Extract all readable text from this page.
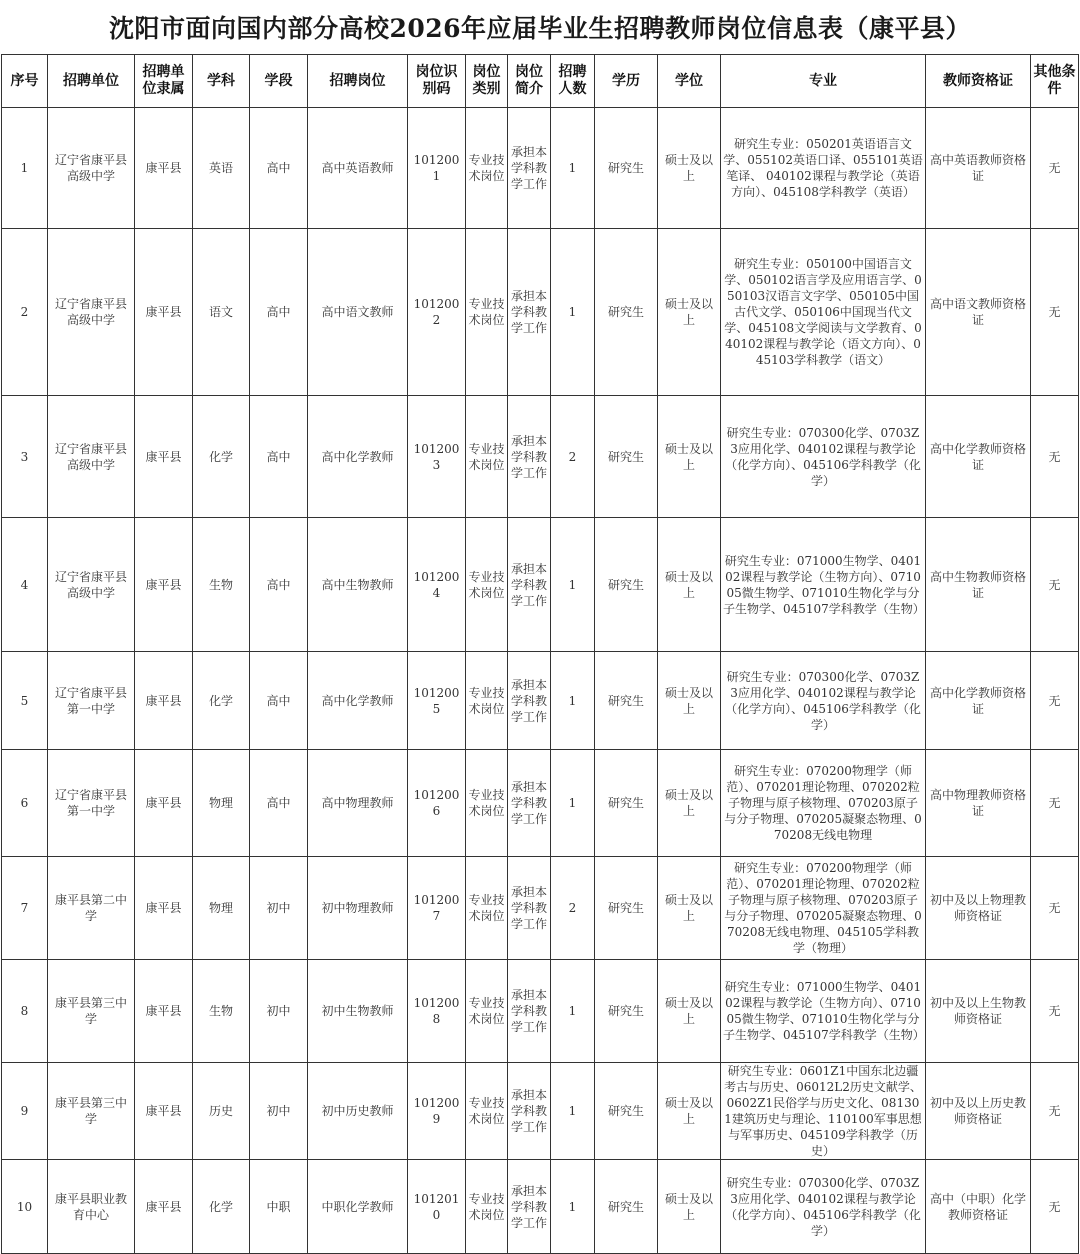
沈阳市面向国内部分高校2026年应届毕业生招聘教师岗位信息表（康平县）
序号	招聘单位	招聘单位隶属	学科	学段	招聘岗位	岗位识别码	岗位类别	岗位简介	招聘人数	学历	学位	专业	教师资格证	其他条件
1	辽宁省康平县高级中学	康平县	英语	高中	高中英语教师	1012001	专业技术岗位	承担本学科教学工作	1	研究生	硕士及以上	研究生专业：050201英语语言文学、055102英语口译、055101英语笔译、 040102课程与教学论（英语方向）、045108学科教学（英语）	高中英语教师资格证	无
2	辽宁省康平县高级中学	康平县	语文	高中	高中语文教师	1012002	专业技术岗位	承担本学科教学工作	1	研究生	硕士及以上	研究生专业：050100中国语言文学、050102语言学及应用语言学、050103汉语言文字学、050105中国古代文学、050106中国现当代文学、045108文学阅读与文学教育、040102课程与教学论（语文方向）、045103学科教学（语文）	高中语文教师资格证	无
3	辽宁省康平县高级中学	康平县	化学	高中	高中化学教师	1012003	专业技术岗位	承担本学科教学工作	2	研究生	硕士及以上	研究生专业：070300化学、0703Z3应用化学、040102课程与教学论（化学方向）、045106学科教学（化学）	高中化学教师资格证	无
4	辽宁省康平县高级中学	康平县	生物	高中	高中生物教师	1012004	专业技术岗位	承担本学科教学工作	1	研究生	硕士及以上	研究生专业：071000生物学、040102课程与教学论（生物方向）、071005微生物学、071010生物化学与分子生物学、045107学科教学（生物）	高中生物教师资格证	无
5	辽宁省康平县第一中学	康平县	化学	高中	高中化学教师	1012005	专业技术岗位	承担本学科教学工作	1	研究生	硕士及以上	研究生专业：070300化学、0703Z3应用化学、040102课程与教学论（化学方向）、045106学科教学（化学）	高中化学教师资格证	无
6	辽宁省康平县第一中学	康平县	物理	高中	高中物理教师	1012006	专业技术岗位	承担本学科教学工作	1	研究生	硕士及以上	研究生专业：070200物理学（师范）、070201理论物理、070202粒子物理与原子核物理、070203原子与分子物理、070205凝聚态物理、070208无线电物理	高中物理教师资格证	无
7	康平县第二中学	康平县	物理	初中	初中物理教师	1012007	专业技术岗位	承担本学科教学工作	2	研究生	硕士及以上	研究生专业：070200物理学（师范）、070201理论物理、070202粒子物理与原子核物理、070203原子与分子物理、070205凝聚态物理、070208无线电物理、045105学科教学（物理）	初中及以上物理教师资格证	无
8	康平县第三中学	康平县	生物	初中	初中生物教师	1012008	专业技术岗位	承担本学科教学工作	1	研究生	硕士及以上	研究生专业：071000生物学、040102课程与教学论（生物方向）、071005微生物学、071010生物化学与分子生物学、045107学科教学（生物）	初中及以上生物教师资格证	无
9	康平县第三中学	康平县	历史	初中	初中历史教师	1012009	专业技术岗位	承担本学科教学工作	1	研究生	硕士及以上	研究生专业：0601Z1中国东北边疆考古与历史、06012L2历史文献学、0602Z1民俗学与历史文化、081301建筑历史与理论、110100军事思想与军事历史、045109学科教学（历史）	初中及以上历史教师资格证	无
10	康平县职业教育中心	康平县	化学	中职	中职化学教师	1012010	专业技术岗位	承担本学科教学工作	1	研究生	硕士及以上	研究生专业：070300化学、0703Z3应用化学、040102课程与教学论（化学方向）、045106学科教学（化学）	高中（中职）化学教师资格证	无
